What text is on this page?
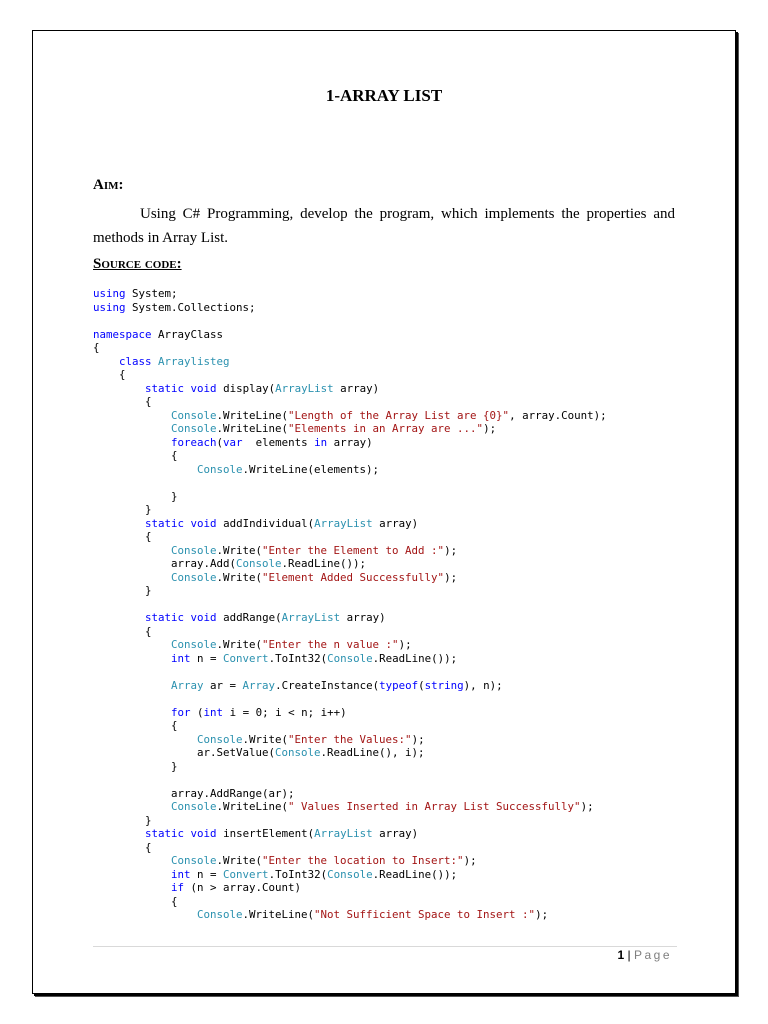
1-ARRAY LIST
Aim:

Using C# Programming, develop the program, which implements the properties and methods in Array List.

Source code:
using System;
using System.Collections;

namespace ArrayClass
{
class Arraylisteg
{
static void display(ArrayList array)
{
Console.WriteLine("Length of the Array List are {0}", array.Count);
Console.WriteLine("Elements in an Array are ...");
foreach(var  elements in array)
{
Console.WriteLine(elements);

}
}
static void addIndividual(ArrayList array)
{
Console.Write("Enter the Element to Add :");
array.Add(Console.ReadLine());
Console.Write("Element Added Successfully");
}

static void addRange(ArrayList array)
{
Console.Write("Enter the n value :");
int n = Convert.ToInt32(Console.ReadLine());

Array ar = Array.CreateInstance(typeof(string), n);

for (int i = 0; i < n; i++)
{
Console.Write("Enter the Values:");
ar.SetValue(Console.ReadLine(), i);
}

array.AddRange(ar);
Console.WriteLine(" Values Inserted in Array List Successfully");
}
static void insertElement(ArrayList array)
{
Console.Write("Enter the location to Insert:");
int n = Convert.ToInt32(Console.ReadLine());
if (n > array.Count)
{
Console.WriteLine("Not Sufficient Space to Insert :");
1 | Page
